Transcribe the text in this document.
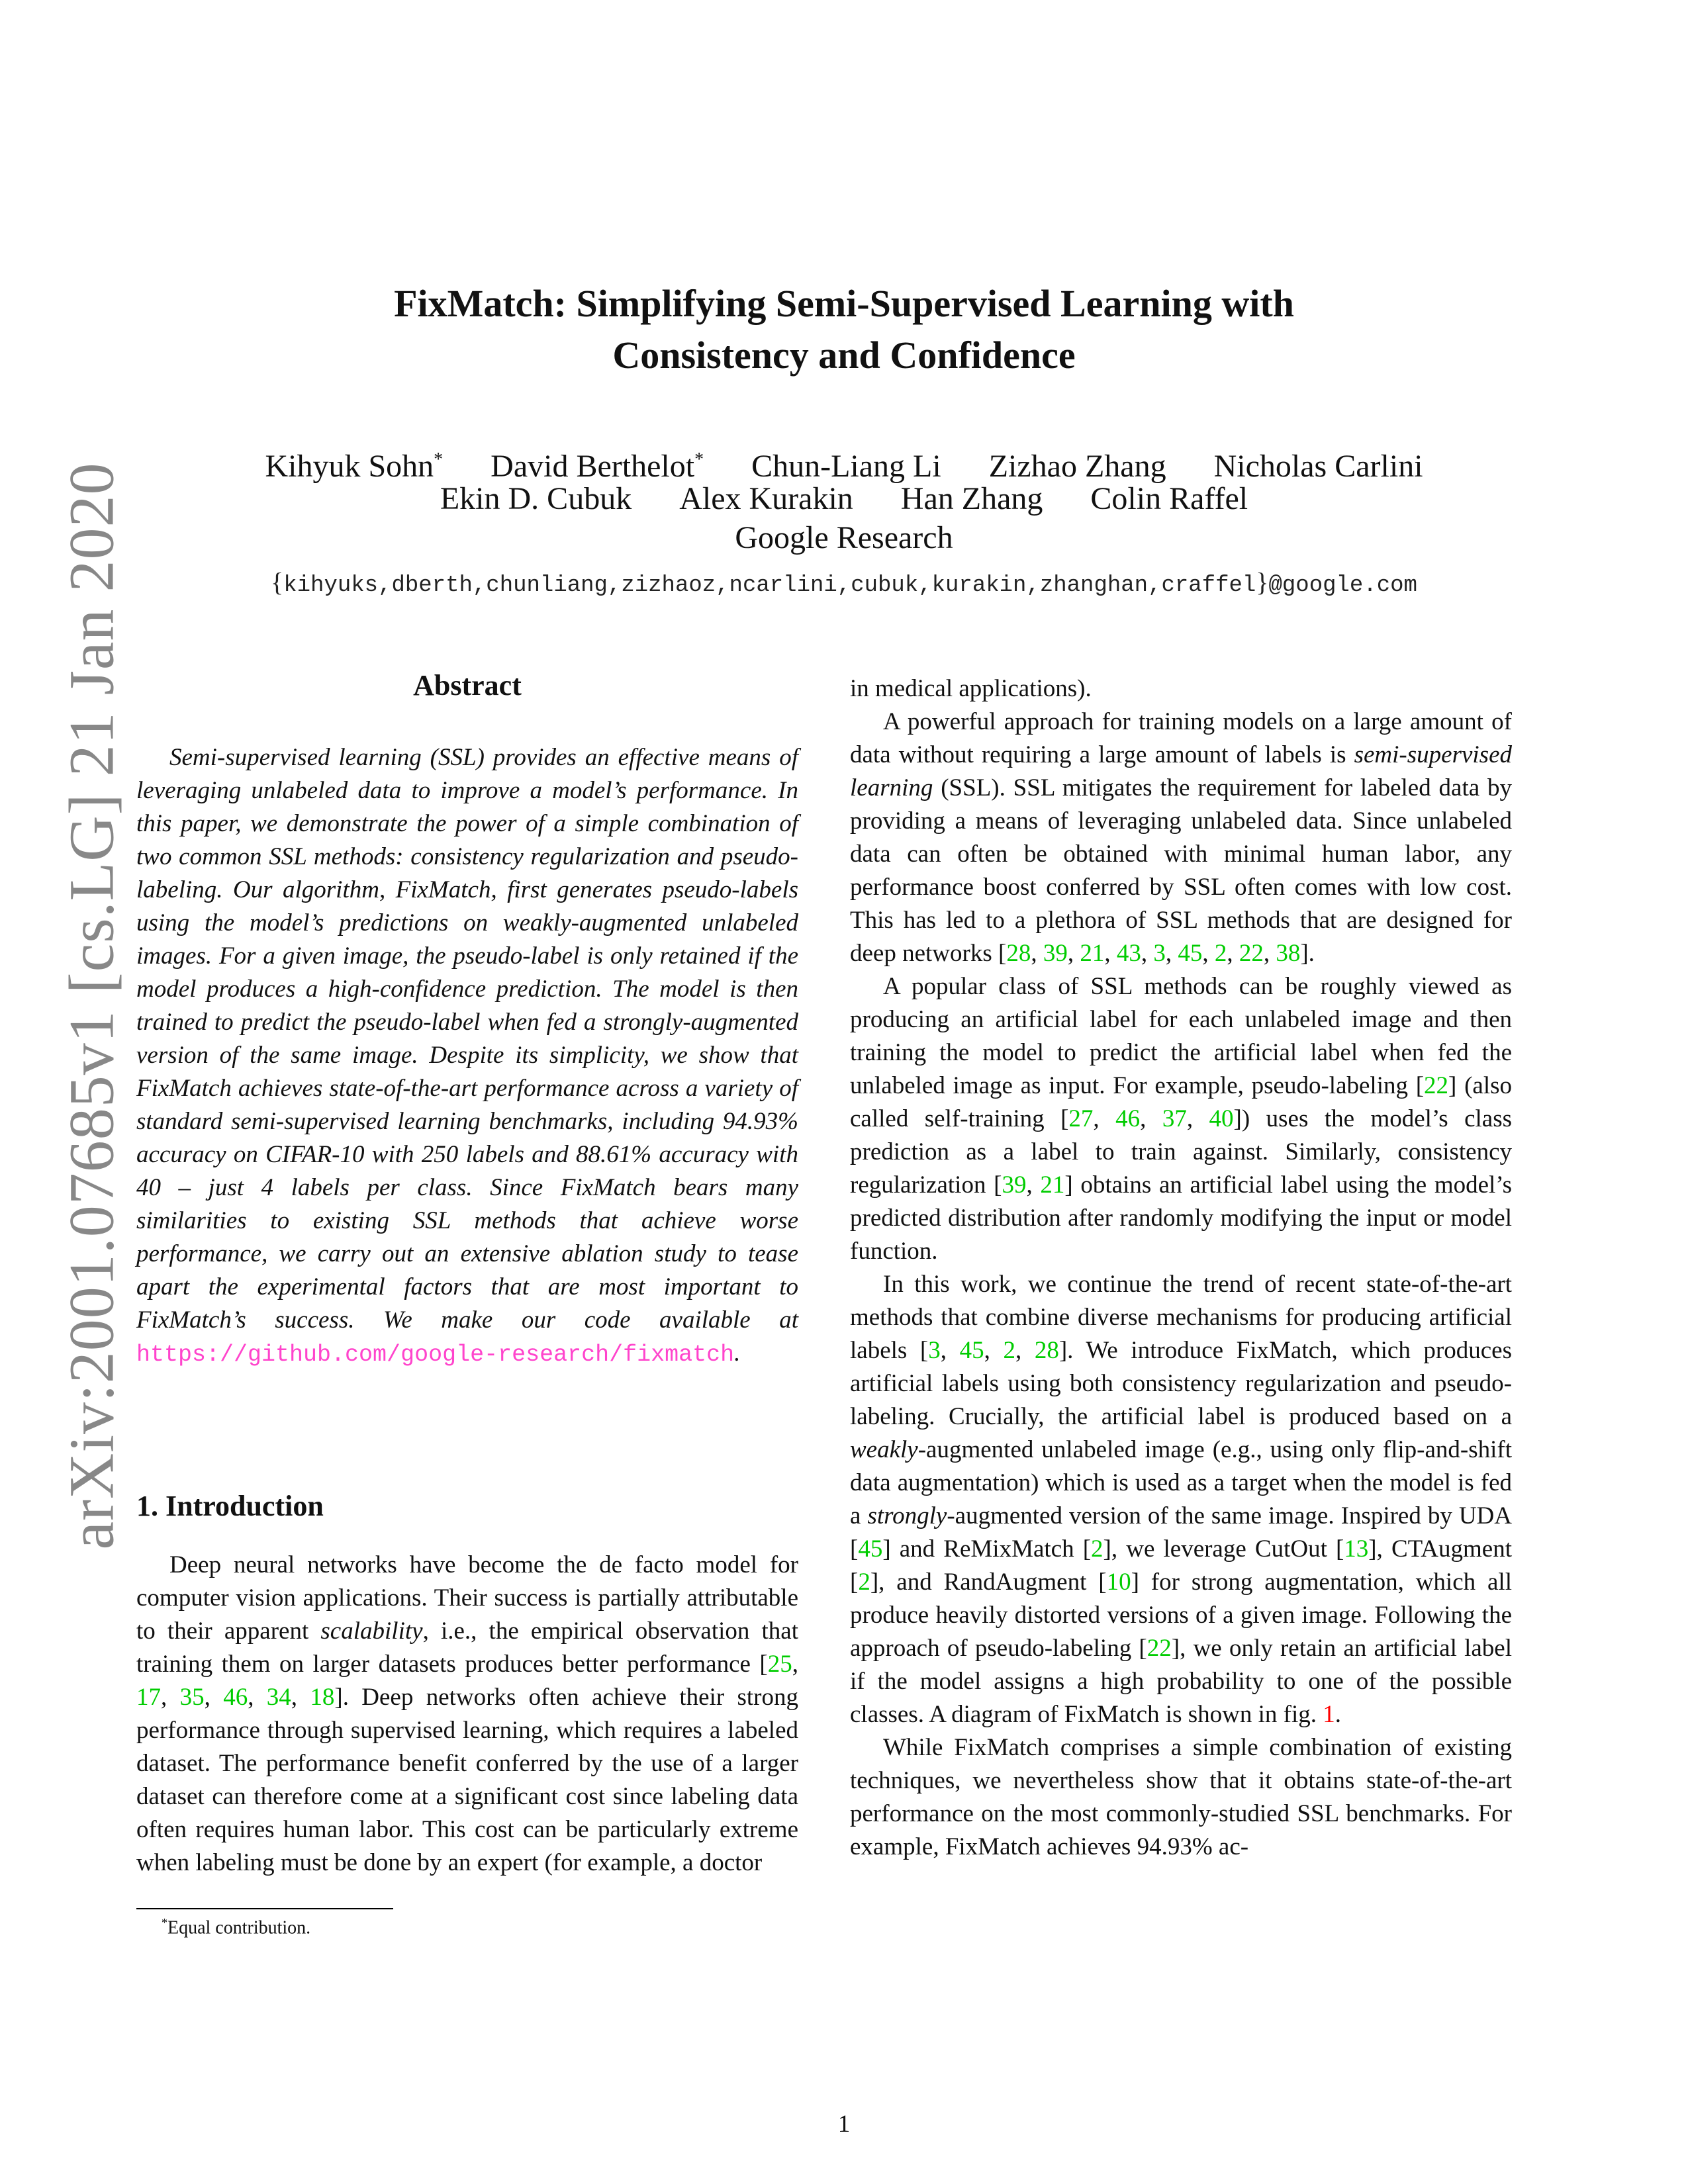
FixMatch: Simplifying Semi-Supervised Learning with
Consistency and Confidence
Kihyuk Sohn* David Berthelot* Chun-Liang Li Zizhao Zhang Nicholas Carlini
Ekin D. Cubuk Alex Kurakin Han Zhang Colin Raffel
Google Research
{kihyuks,dberth,chunliang,zizhaoz,ncarlini,cubuk,kurakin,zhanghan,craffel}@google.com
arXiv:2001.07685v1 [cs.LG] 21 Jan 2020	Abstract
Semi-supervised learning (SSL) provides an effective means of leveraging unlabeled data to improve a model’s performance. In this paper, we demonstrate the power of a simple combination of two common SSL methods: consistency regularization and pseudo-labeling. Our algorithm, FixMatch, first generates pseudo-labels using the model’s predictions on weakly-augmented unlabeled images. For a given image, the pseudo-label is only retained if the model produces a high-confidence prediction. The model is then trained to predict the pseudo-label when fed a strongly-augmented version of the same image. Despite its simplicity, we show that FixMatch achieves state-of-the-art performance across a variety of standard semi-supervised learning benchmarks, including 94.93% accuracy on CIFAR-10 with 250 labels and 88.61% accuracy with 40 – just 4 labels per class. Since FixMatch bears many similarities to existing SSL methods that achieve worse performance, we carry out an extensive ablation study to tease apart the experimental factors that are most important to FixMatch’s success. We make our code available at https://github.com/google-research/fixmatch.
1. Introduction

Deep neural networks have become the de facto model for computer vision applications. Their success is partially attributable to their apparent scalability, i.e., the empirical observation that training them on larger datasets produces better performance [25, 17, 35, 46, 34, 18]. Deep networks often achieve their strong performance through supervised learning, which requires a labeled dataset. The performance benefit conferred by the use of a larger dataset can therefore come at a significant cost since labeling data often requires human labor. This cost can be particularly extreme when labeling must be done by an expert (for example, a doctor

in medical applications).

A powerful approach for training models on a large amount of data without requiring a large amount of labels is semi-supervised learning (SSL). SSL mitigates the requirement for labeled data by providing a means of leveraging unlabeled data. Since unlabeled data can often be obtained with minimal human labor, any performance boost conferred by SSL often comes with low cost. This has led to a plethora of SSL methods that are designed for deep networks [28, 39, 21, 43, 3, 45, 2, 22, 38].

A popular class of SSL methods can be roughly viewed as producing an artificial label for each unlabeled image and then training the model to predict the artificial label when fed the unlabeled image as input. For example, pseudo-labeling [22] (also called self-training [27, 46, 37, 40]) uses the model’s class prediction as a label to train against. Similarly, consistency regularization [39, 21] obtains an artificial label using the model’s predicted distribution after randomly modifying the input or model function.

In this work, we continue the trend of recent state-of-the-art methods that combine diverse mechanisms for producing artificial labels [3, 45, 2, 28]. We introduce FixMatch, which produces artificial labels using both consistency regularization and pseudo-labeling. Crucially, the artificial label is produced based on a weakly-augmented unlabeled image (e.g., using only flip-and-shift data augmentation) which is used as a target when the model is fed a strongly-augmented version of the same image. Inspired by UDA [45] and ReMixMatch [2], we leverage CutOut [13], CTAugment [2], and RandAugment [10] for strong augmentation, which all produce heavily distorted versions of a given image. Following the approach of pseudo-labeling [22], we only retain an artificial label if the model assigns a high probability to one of the possible classes. A diagram of FixMatch is shown in fig. 1.

While FixMatch comprises a simple combination of existing techniques, we nevertheless show that it obtains state-of-the-art performance on the most commonly-studied SSL benchmarks. For example, FixMatch achieves 94.93% ac-

*Equal contribution.
1
